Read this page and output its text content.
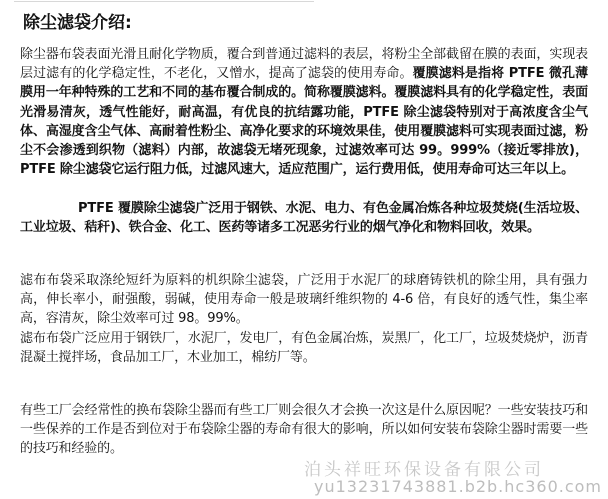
除尘滤袋介绍:

除尘器布袋表面光滑且耐化学物质，覆合到普通过滤料的表层，将粉尘全部截留在膜的表面，实现表层过滤有的化学稳定性，不老化，又憎水，提高了滤袋的使用寿命。覆膜滤料是指将 PTFE 微孔薄膜用一年种特殊的工艺和不同的基布覆合制成的。简称覆膜滤料。覆膜滤料具有的化学稳定性，表面光滑易清灰，透气性能好，耐高温，有优良的抗结露功能，PTFE 除尘滤袋特别对于高浓度含尘气体、高湿度含尘气体、高耐着性粉尘、高净化要求的环境效果佳，使用覆膜滤料可实现表面过滤，粉尘不会渗透到织物（滤料）内部，故滤袋无堵死现象，过滤效率可达 99。999%（接近零排放)，PTFE 除尘滤袋它运行阻力低，过滤风速大，适应范围广，运行费用低，使用寿命可达三年以上。

PTFE 覆膜除尘滤袋广泛用于钢铁、水泥、电力、有色金属冶炼各种垃圾焚烧(生活垃圾、工业垃圾、秸秆)、铁合金、化工、医药等诸多工况恶劣行业的烟气净化和物料回收，效果。

滤布布袋采取涤纶短纤为原料的机织除尘滤袋，广泛用于水泥厂的球磨铸铁机的除尘用，具有强力高，伸长率小，耐强酸，弱碱，使用寿命一般是玻璃纤维织物的 4-6 倍，有良好的透气性，集尘率高，容清灰，除尘效率可过 98。99%。
滤布布袋广泛应用于钢铁厂，水泥厂，发电厂，有色金属冶炼，炭黑厂，化工厂，垃圾焚烧炉，沥青混凝土搅拌场，食品加工厂，木业加工，棉纺厂等。

有些工厂会经常性的换布袋除尘器而有些工厂则会很久才会换一次这是什么原因呢？一些安装技巧和一些保养的工作是否到位对于布袋除尘器的寿命有很大的影响，所以如何安装布袋除尘器时需要一些的技巧和经验的。

泊头祥旺环保设备有限公司
yu13231743881.b2b.hc360.com
